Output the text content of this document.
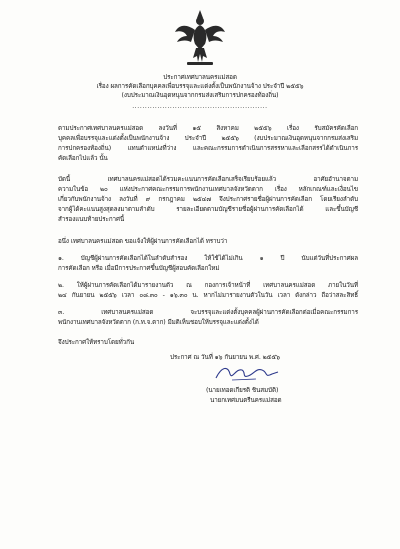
ประกาศเทศบาลนครแม่สอด
เรื่อง ผลการคัดเลือกบุคคลเพื่อบรรจุและแต่งตั้งเป็นพนักงานจ้าง ประจำปี ๒๕๕๖
(งบประมาณเงินอุดหนุนจากกรมส่งเสริมการปกครองท้องถิ่น)
......................................................
ตามประกาศเทศบาลนครแม่สอด ลงวันที่ ๑๕ สิงหาคม ๒๕๕๖ เรื่อง รับสมัครคัดเลือก
บุคคลเพื่อบรรจุและแต่งตั้งเป็นพนักงานจ้าง ประจำปี ๒๕๕๖ (งบประมาณเงินอุดหนุนจากกรมส่งเสริม
การปกครองท้องถิ่น) แทนตำแหน่งที่ว่าง และคณะกรรมการดำเนินการสรรหาและเลือกสรรได้ดำเนินการ
คัดเลือกไปแล้ว นั้น
บัดนี้ เทศบาลนครแม่สอดได้รวมคะแนนการคัดเลือกเสร็จเรียบร้อยแล้ว อาศัยอำนาจตาม
ความในข้อ ๒๐ แห่งประกาศคณะกรรมการพนักงานเทศบาลจังหวัดตาก เรื่อง หลักเกณฑ์และเงื่อนไข
เกี่ยวกับพนักงานจ้าง ลงวันที่ ๙ กรกฎาคม ๒๕๔๗ จึงประกาศรายชื่อผู้ผ่านการคัดเลือก โดยเรียงลำดับ
จากผู้ได้คะแนนสูงสุดลงมาตามลำดับ รายละเอียดตามบัญชีรายชื่อผู้ผ่านการคัดเลือกได้ และขึ้นบัญชี
สำรองแนบท้ายประกาศนี้
อนึ่ง เทศบาลนครแม่สอด ขอแจ้งให้ผู้ผ่านการคัดเลือกได้ ทราบว่า
๑. บัญชีผู้ผ่านการคัดเลือกได้ในลำดับสำรอง ให้ใช้ได้ไม่เกิน ๑ ปี นับแต่วันที่ประกาศผล
การคัดเลือก หรือ เมื่อมีการประกาศขึ้นบัญชีผู้สอบคัดเลือกใหม่
๒. ให้ผู้ผ่านการคัดเลือกได้มารายงานตัว ณ กองการเจ้าหน้าที่ เทศบาลนครแม่สอด ภายในวันที่
๒๔ กันยายน ๒๕๕๖ เวลา ๐๘.๓๐ - ๑๖.๓๐ น. หากไม่มารายงานตัวในวัน เวลา ดังกล่าว ถือว่าสละสิทธิ์
๓. เทศบาลนครแม่สอด จะบรรจุและแต่งตั้งบุคคลผู้ผ่านการคัดเลือกต่อเมื่อคณะกรรมการ
พนักงานเทศบาลจังหวัดตาก (ก.ท.จ.ตาก) มีมติเห็นชอบให้บรรจุและแต่งตั้งได้
จึงประกาศให้ทราบโดยทั่วกัน
ประกาศ ณ วันที่ ๑๖ กันยายน พ.ศ. ๒๕๕๖
(นายเทอดเกียรติ ชินสมบัติ)
นายกเทศมนตรีนครแม่สอด
